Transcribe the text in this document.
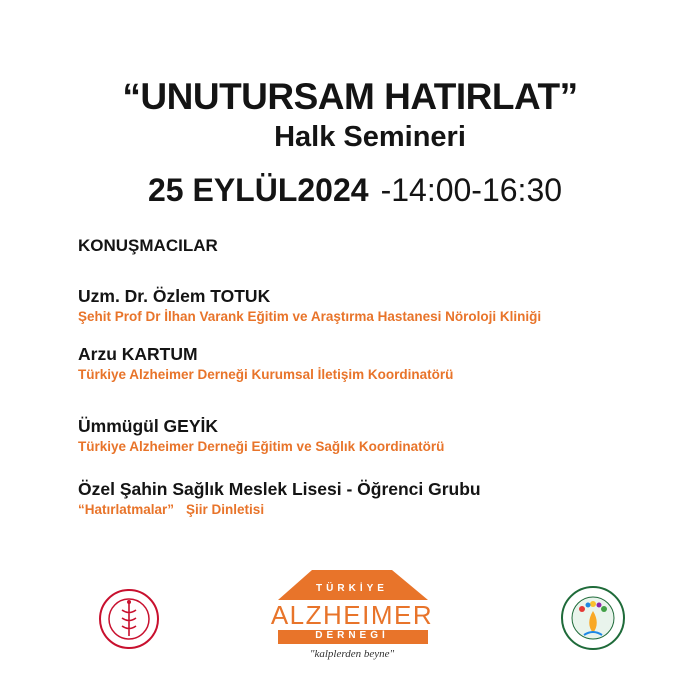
“UNUTURSAM HATIRLAT”
Halk Semineri
25 EYLÜL2024 -14:00-16:30
KONUŞMACILAR
Uzm. Dr. Özlem TOTUK
Şehit Prof Dr İlhan Varank Eğitim ve Araştırma Hastanesi Nöroloji Kliniği
Arzu KARTUM
Türkiye Alzheimer Derneği Kurumsal İletişim Koordinatörü
Ümmügül GEYİK
Türkiye Alzheimer Derneği Eğitim ve Sağlık Koordinatörü
Özel Şahin Sağlık Meslek Lisesi - Öğrenci Grubu
“Hatırlatmalar” Şiir Dinletisi
TÜRKİYE
ALZHEIMER
DERNEĞİ
"kalplerden beyne"
